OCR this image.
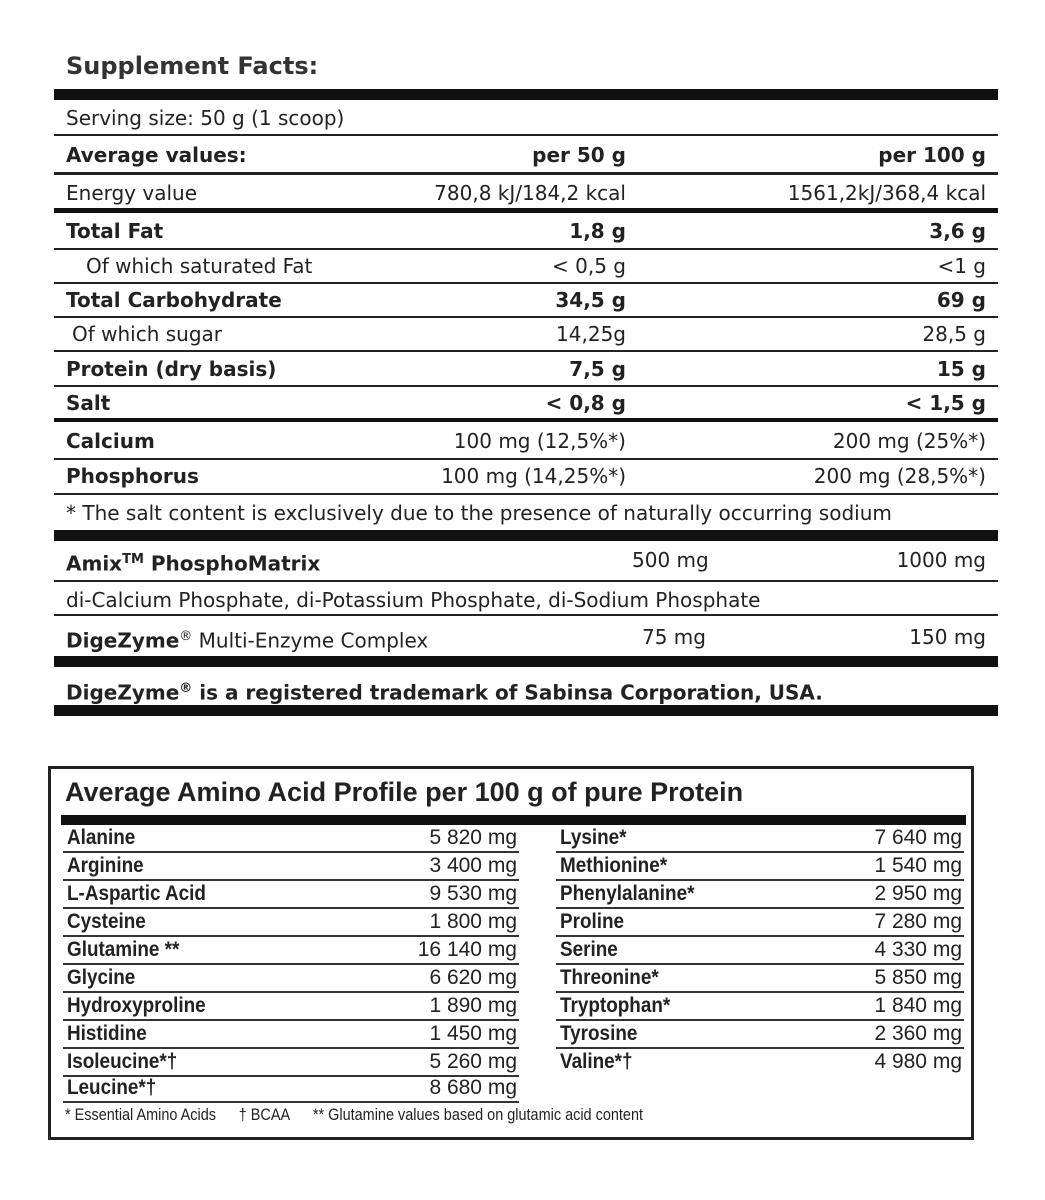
Supplement Facts:
Serving size: 50 g (1 scoop)
Average values:	per 50 g	per 100 g
Energy value	780,8 kJ/184,2 kcal	1561,2kJ/368,4 kcal
Total Fat	1,8 g	3,6 g
Of which saturated Fat	< 0,5 g	<1 g
Total Carbohydrate	34,5 g	69 g
Of which sugar	14,25g	28,5 g
Protein (dry basis)	7,5 g	15 g
Salt	< 0,8 g	< 1,5 g
Calcium	100 mg (12,5%*)	200 mg (25%*)
Phosphorus	100 mg (14,25%*)	200 mg (28,5%*)
* The salt content is exclusively due to the presence of naturally occurring sodium
Amix™ PhosphoMatrix	500 mg	1000 mg
di-Calcium Phosphate, di-Potassium Phosphate, di-Sodium Phosphate
DigeZyme® Multi-Enzyme Complex	75 mg	150 mg
DigeZyme® is a registered trademark of Sabinsa Corporation, USA.
Average Amino Acid Profile per 100 g of pure Protein
Alanine	5 820 mg
Arginine	3 400 mg
L-Aspartic Acid	9 530 mg
Cysteine	1 800 mg
Glutamine **	16 140 mg
Glycine	6 620 mg
Hydroxyproline	1 890 mg
Histidine	1 450 mg
Isoleucine*†	5 260 mg
Leucine*†	8 680 mg
Lysine*	7 640 mg
Methionine*	1 540 mg
Phenylalanine*	2 950 mg
Proline	7 280 mg
Serine	4 330 mg
Threonine*	5 850 mg
Tryptophan*	1 840 mg
Tyrosine	2 360 mg
Valine*†	4 980 mg
* Essential Amino Acids † BCAA ** Glutamine values based on glutamic acid content
